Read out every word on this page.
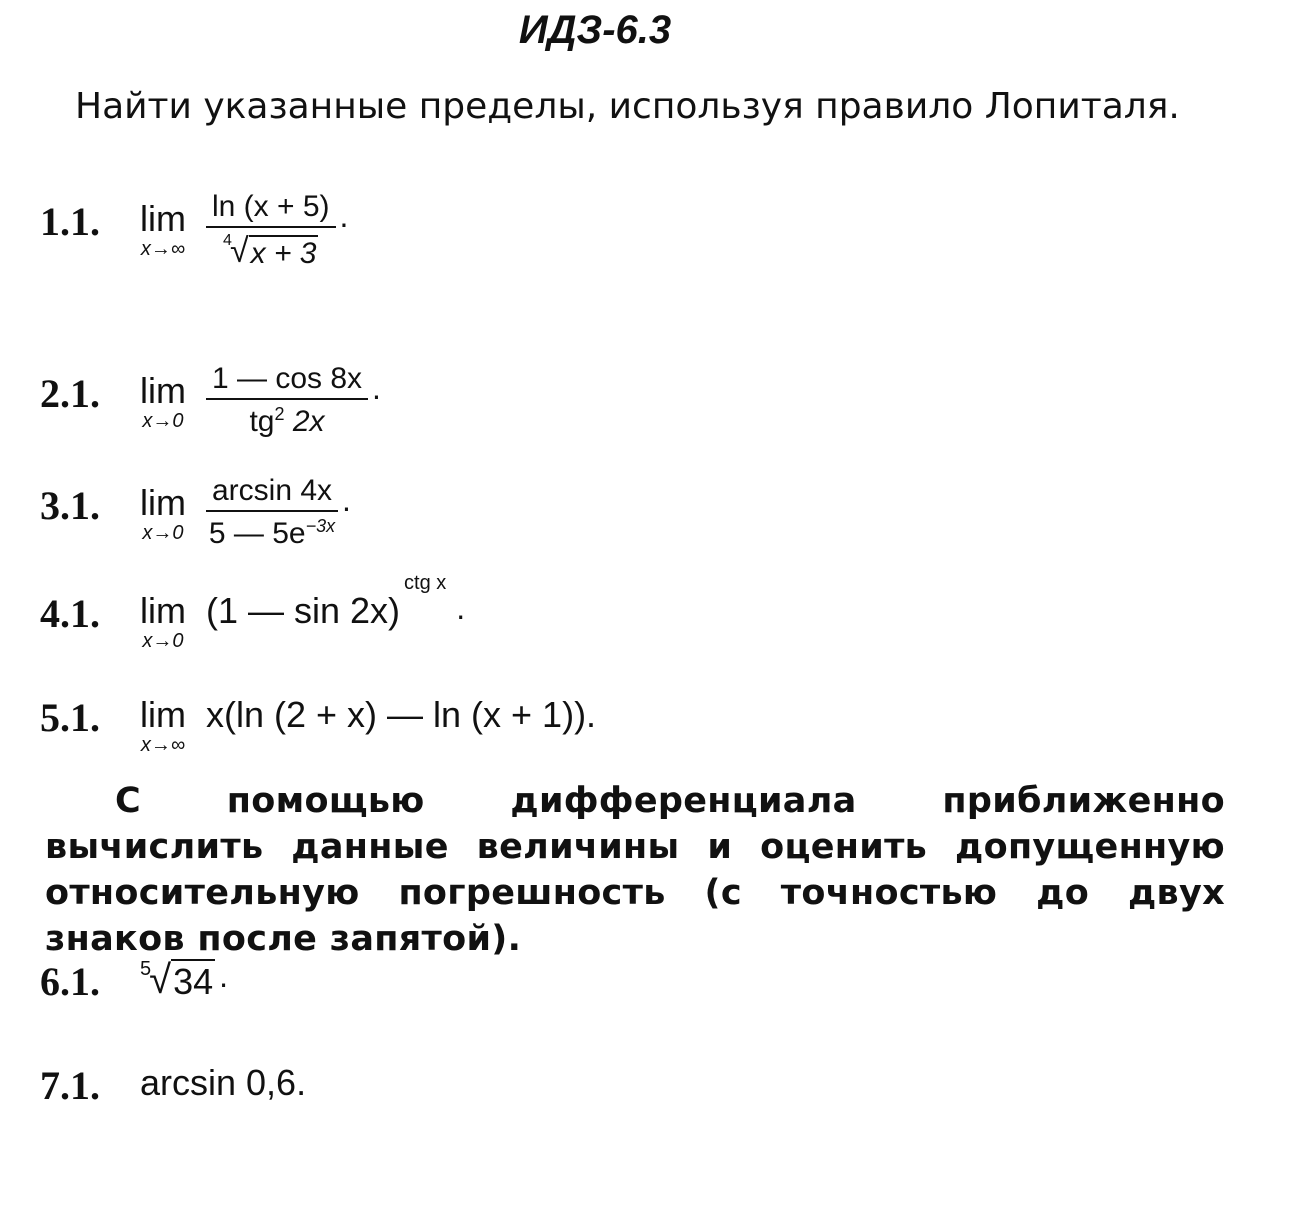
ИДЗ-6.3
Найти указанные пределы, используя правило Лопиталя.
1.1.	lim
x→∞ ln (x + 5)
4
√ x + 3 .
2.1.	lim
$x\to 0 \frac{1 — \cos 8x}{tg^2 2x}$ .
3.1.	lim
$x\to 0 \frac{\arcsin 4x}{5 — 5e^{-3x}}$ .
4.1.	lim
x→0
(1 — sin 2x)
ctg x
.
5.1.	lim
x→∞
x(ln (2 + x) — ln (x + 1)).
С помощью дифференциала приближенно вычислить данные величины и оценить допущенную относительную погрешность (с точностью до двух знаков после запятой).
6.1.	5
√ 34 .
7.1.	arcsin 0,6.
